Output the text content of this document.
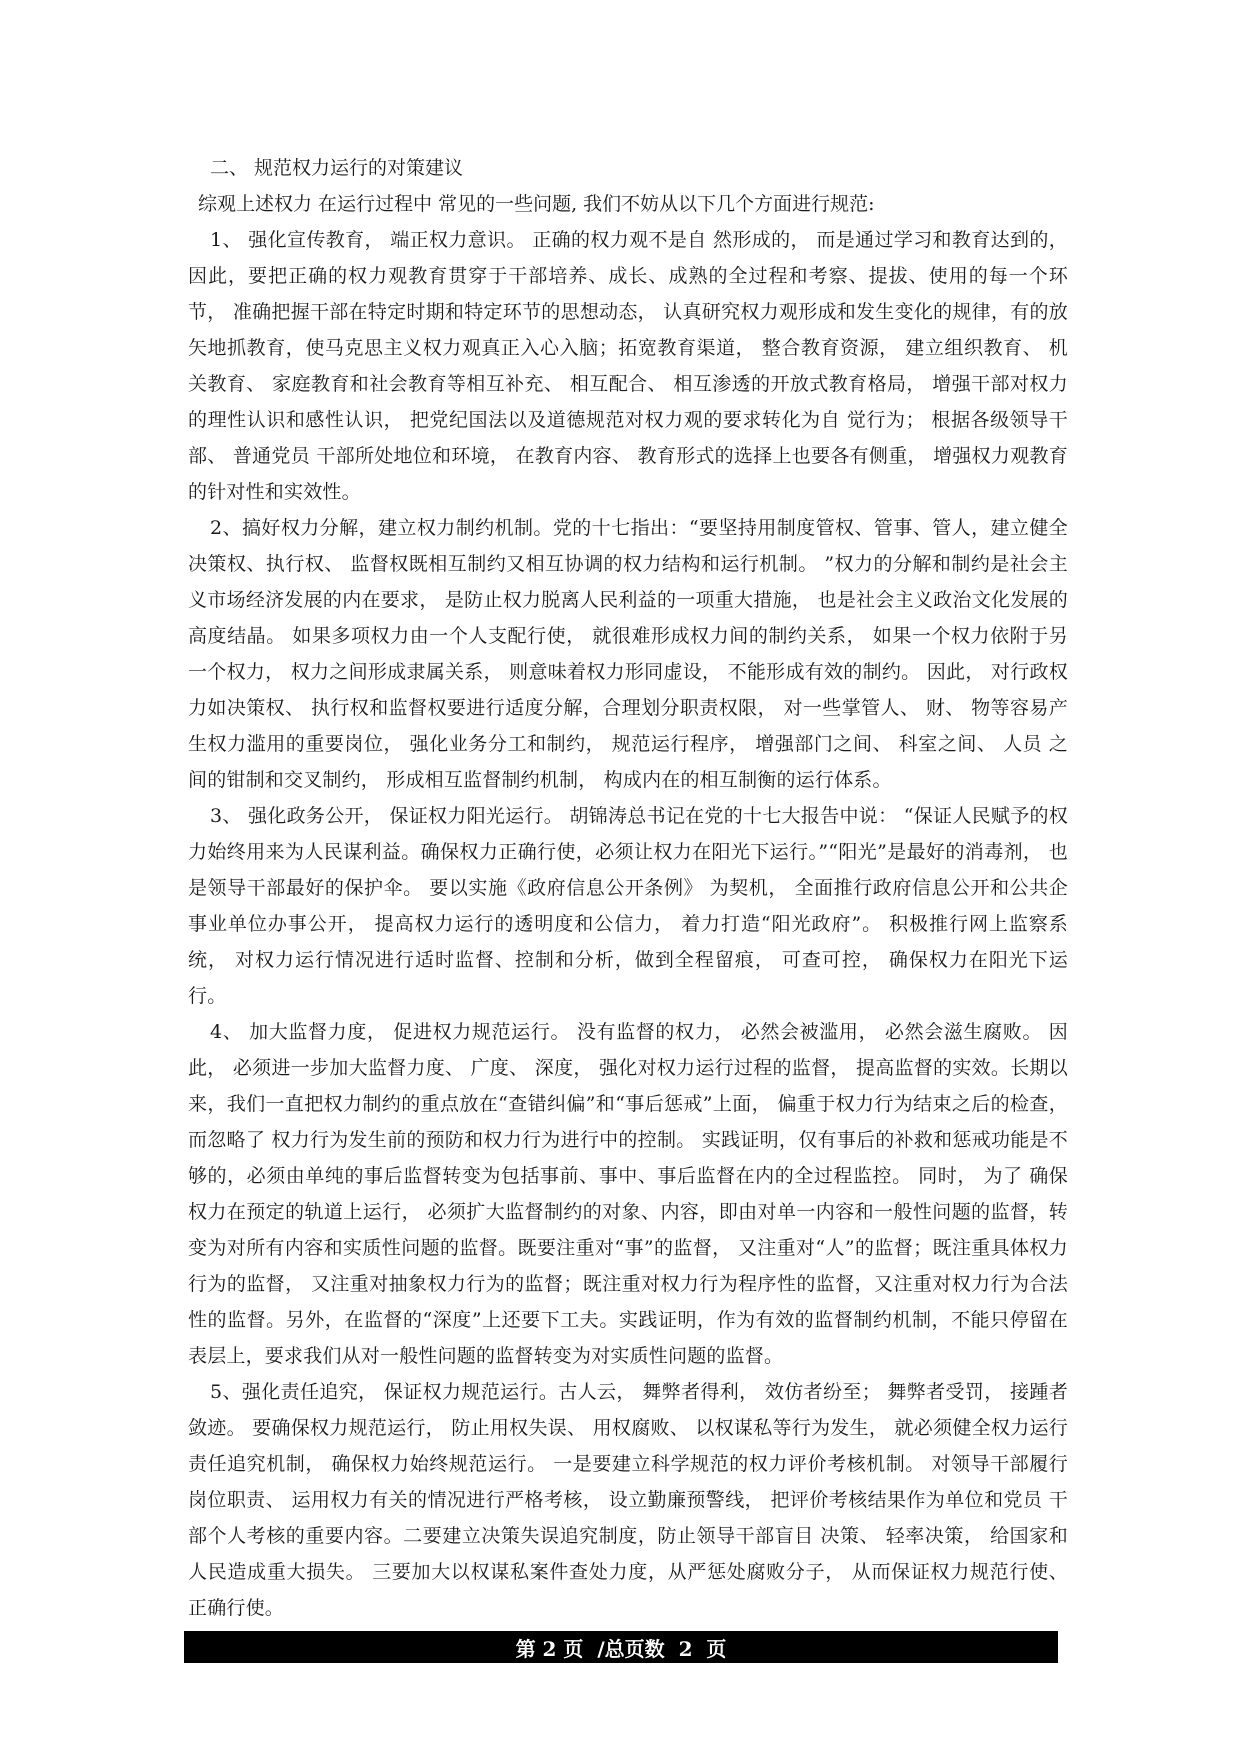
二、 规范权力运行的对策建议

综观上述权力 在运行过程中 常见的一些问题, 我们不妨从以下几个方面进行规范:

1、 强化宣传教育， 端正权力意识。 正确的权力观不是自 然形成的， 而是通过学习和教育达到的，因此，要把正确的权力观教育贯穿于干部培养、成长、成熟的全过程和考察、提拔、使用的每一个环节， 准确把握干部在特定时期和特定环节的思想动态， 认真研究权力观形成和发生变化的规律，有的放矢地抓教育，使马克思主义权力观真正入心入脑；拓宽教育渠道， 整合教育资源， 建立组织教育、 机关教育、 家庭教育和社会教育等相互补充、 相互配合、 相互渗透的开放式教育格局， 增强干部对权力的理性认识和感性认识， 把党纪国法以及道德规范对权力观的要求转化为自 觉行为； 根据各级领导干部、 普通党员 干部所处地位和环境， 在教育内容、 教育形式的选择上也要各有侧重， 增强权力观教育的针对性和实效性。

2、搞好权力分解，建立权力制约机制。党的十七指出：“要坚持用制度管权、管事、管人，建立健全决策权、执行权、 监督权既相互制约又相互协调的权力结构和运行机制。 ”权力的分解和制约是社会主义市场经济发展的内在要求， 是防止权力脱离人民利益的一项重大措施， 也是社会主义政治文化发展的高度结晶。 如果多项权力由一个人支配行使， 就很难形成权力间的制约关系， 如果一个权力依附于另 一个权力， 权力之间形成隶属关系， 则意味着权力形同虚设， 不能形成有效的制约。 因此， 对行政权力如决策权、 执行权和监督权要进行适度分解，合理划分职责权限， 对一些掌管人、 财、 物等容易产生权力滥用的重要岗位， 强化业务分工和制约， 规范运行程序， 增强部门之间、 科室之间、 人员 之间的钳制和交叉制约， 形成相互监督制约机制， 构成内在的相互制衡的运行体系。

3、 强化政务公开， 保证权力阳光运行。 胡锦涛总书记在党的十七大报告中说： “保证人民赋予的权力始终用来为人民谋利益。确保权力正确行使，必须让权力在阳光下运行。”“阳光”是最好的消毒剂， 也是领导干部最好的保护伞。 要以实施《政府信息公开条例》 为契机， 全面推行政府信息公开和公共企事业单位办事公开， 提高权力运行的透明度和公信力， 着力打造“阳光政府”。 积极推行网上监察系统， 对权力运行情况进行适时监督、控制和分析，做到全程留痕， 可查可控， 确保权力在阳光下运行。

4、 加大监督力度， 促进权力规范运行。 没有监督的权力， 必然会被滥用， 必然会滋生腐败。 因此， 必须进一步加大监督力度、 广度、 深度， 强化对权力运行过程的监督， 提高监督的实效。长期以来，我们一直把权力制约的重点放在“查错纠偏”和“事后惩戒”上面， 偏重于权力行为结束之后的检查，而忽略了 权力行为发生前的预防和权力行为进行中的控制。 实践证明，仅有事后的补救和惩戒功能是不够的，必须由单纯的事后监督转变为包括事前、事中、事后监督在内的全过程监控。 同时， 为了 确保权力在预定的轨道上运行， 必须扩大监督制约的对象、内容，即由对单一内容和一般性问题的监督，转变为对所有内容和实质性问题的监督。既要注重对“事”的监督， 又注重对“人”的监督；既注重具体权力行为的监督， 又注重对抽象权力行为的监督；既注重对权力行为程序性的监督，又注重对权力行为合法性的监督。另外，在监督的“深度”上还要下工夫。实践证明，作为有效的监督制约机制，不能只停留在表层上，要求我们从对一般性问题的监督转变为对实质性问题的监督。

5、强化责任追究， 保证权力规范运行。古人云， 舞弊者得利， 效仿者纷至； 舞弊者受罚， 接踵者敛迹。 要确保权力规范运行， 防止用权失误、 用权腐败、 以权谋私等行为发生， 就必须健全权力运行责任追究机制， 确保权力始终规范运行。 一是要建立科学规范的权力评价考核机制。 对领导干部履行岗位职责、 运用权力有关的情况进行严格考核， 设立勤廉预警线， 把评价考核结果作为单位和党员 干部个人考核的重要内容。二要建立决策失误追究制度，防止领导干部盲目 决策、 轻率决策， 给国家和人民造成重大损失。 三要加大以权谋私案件查处力度，从严惩处腐败分子， 从而保证权力规范行使、 正确行使。

第 2 页  /总页数  2  页
